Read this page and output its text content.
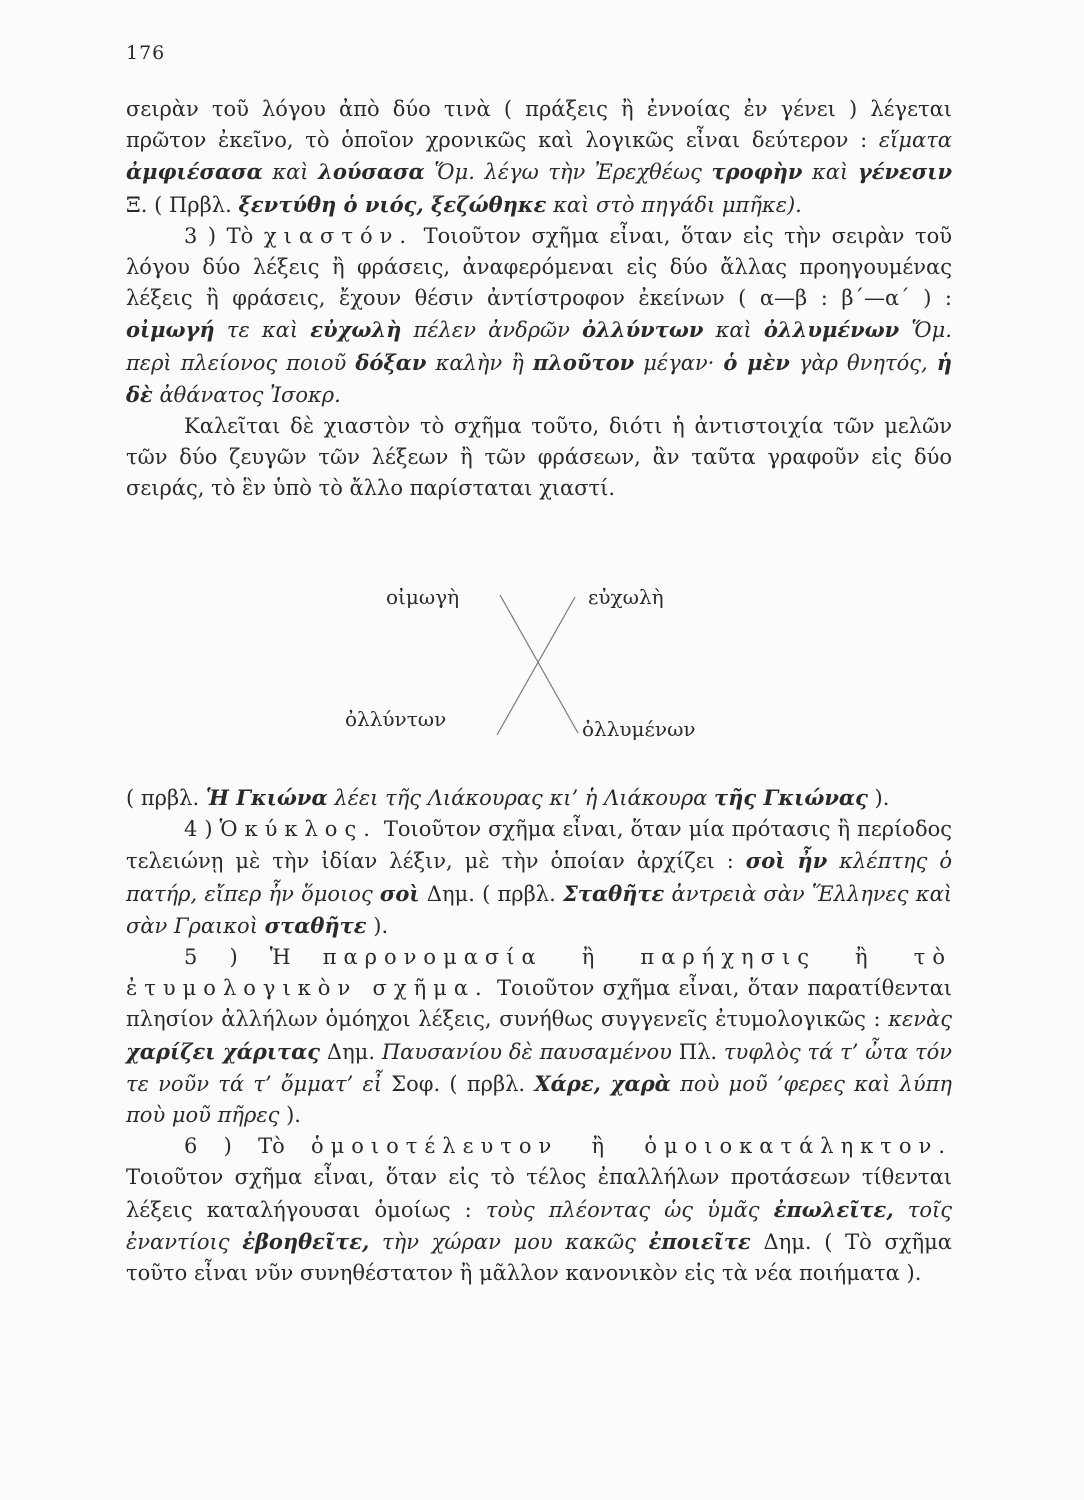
176

σειρὰν τοῦ λόγου ἀπὸ δύο τινὰ ( πράξεις ἢ ἐννοίας ἐν γένει ) λέγεται πρῶτον ἐκεῖνο, τὸ ὁποῖον χρονικῶς καὶ λογικῶς εἶναι δεύτερον : εἵματα ἀμφιέσασα καὶ λούσασα Ὅμ. λέγω τὴν Ἐρεχθέως τροφὴν καὶ γένεσιν Ξ. ( Πρβλ. ξεντύθη ὁ νιός, ξεζώθηκε καὶ στὸ πηγάδι μπῆκε).

3 ) Τὸ χιαστόν. Τοιοῦτον σχῆμα εἶναι, ὅταν εἰς τὴν σειρὰν τοῦ λόγου δύο λέξεις ἢ φράσεις, ἀναφερόμεναι εἰς δύο ἄλλας προηγουμένας λέξεις ἢ φράσεις, ἔχουν θέσιν ἀντίστροφον ἐκείνων ( α—β : β΄—α΄ ) : οἰμωγή τε καὶ εὐχωλὴ πέλεν ἀνδρῶν ὀλλύντων καὶ ὀλλυμένων Ὅμ. περὶ πλείονος ποιοῦ δόξαν καλὴν ἢ πλοῦτον μέγαν· ὁ μὲν γὰρ θνητός, ἡ δὲ ἀθάνατος Ἰσοκρ.

Καλεῖται δὲ χιαστὸν τὸ σχῆμα τοῦτο, διότι ἡ ἀντιστοιχία τῶν μελῶν τῶν δύο ζευγῶν τῶν λέξεων ἢ τῶν φράσεων, ἂν ταῦτα γραφοῦν εἰς δύο σειράς, τὸ ἓν ὑπὸ τὸ ἄλλο παρίσταται χιαστί.

οἰμωγὴ	εὐχωλὴ
ὀλλύντων	ὀλλυμένων

( πρβλ. Ἡ Γκιώνα λέει τῆς Λιάκουρας κι’ ἡ Λιάκουρα τῆς Γκιώνας ).

4 ) Ὁ κύκλος. Τοιοῦτον σχῆμα εἶναι, ὅταν μία πρότασις ἢ περίοδος τελειώνῃ μὲ τὴν ἰδίαν λέξιν, μὲ τὴν ὁποίαν ἀρχίζει : σοὶ ἦν κλέπτης ὁ πατήρ, εἴπερ ἦν ὅμοιος σοὶ Δημ. ( πρβλ. Σταθῆτε ἀντρειὰ σὰν Ἕλληνες καὶ σὰν Γραικοὶ σταθῆτε ).

5 ) Ἡ παρονομασία ἢ παρήχησις ἢ τὸ ἐτυμολογικὸν σχῆμα. Τοιοῦτον σχῆμα εἶναι, ὅταν παρατίθενται πλησίον ἀλλήλων ὁμόηχοι λέξεις, συνήθως συγγενεῖς ἐτυμολογικῶς : κενὰς χαρίζει χάριτας Δημ. Παυσανίου δὲ παυσαμένου Πλ. τυφλὸς τά τ’ ὦτα τόν τε νοῦν τά τ’ ὄμματ’ εἶ Σοφ. ( πρβλ. Χάρε, χαρὰ ποὺ μοῦ ’φερες καὶ λύπη ποὺ μοῦ πῆρες ).

6 ) Τὸ ὁμοιοτέλευτον ἢ ὁμοιοκατάληκτον. Τοιοῦτον σχῆμα εἶναι, ὅταν εἰς τὸ τέλος ἐπαλλήλων προτάσεων τίθενται λέξεις καταλήγουσαι ὁμοίως : τοὺς πλέοντας ὡς ὑμᾶς ἐπωλεῖτε, τοῖς ἐναντίοις ἐβοηθεῖτε, τὴν χώραν μου κακῶς ἐποιεῖτε Δημ. ( Τὸ σχῆμα τοῦτο εἶναι νῦν συνηθέστατον ἢ μᾶλλον κανονικὸν εἰς τὰ νέα ποιήματα ).
